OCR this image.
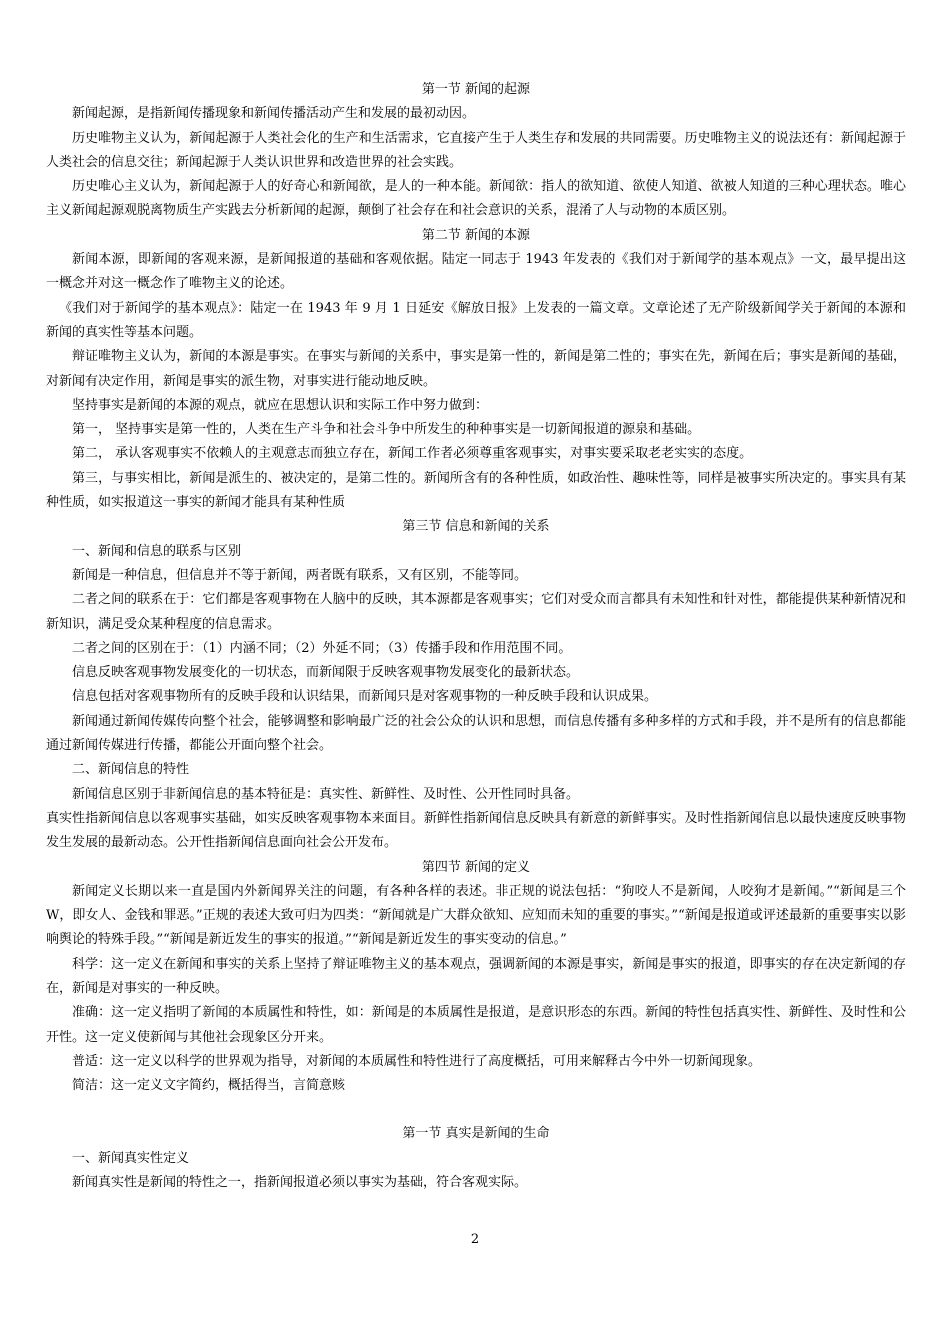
第一节 新闻的起源

新闻起源，是指新闻传播现象和新闻传播活动产生和发展的最初动因。

历史唯物主义认为，新闻起源于人类社会化的生产和生活需求，它直接产生于人类生存和发展的共同需要。历史唯物主义的说法还有：新闻起源于人类社会的信息交往；新闻起源于人类认识世界和改造世界的社会实践。

历史唯心主义认为，新闻起源于人的好奇心和新闻欲，是人的一种本能。新闻欲：指人的欲知道、欲使人知道、欲被人知道的三种心理状态。唯心主义新闻起源观脱离物质生产实践去分析新闻的起源，颠倒了社会存在和社会意识的关系，混淆了人与动物的本质区别。

第二节 新闻的本源

新闻本源，即新闻的客观来源，是新闻报道的基础和客观依据。陆定一同志于 1943 年发表的《我们对于新闻学的基本观点》一文，最早提出这一概念并对这一概念作了唯物主义的论述。

《我们对于新闻学的基本观点》：陆定一在 1943 年 9 月 1 日延安《解放日报》上发表的一篇文章。文章论述了无产阶级新闻学关于新闻的本源和新闻的真实性等基本问题。

辩证唯物主义认为，新闻的本源是事实。在事实与新闻的关系中，事实是第一性的，新闻是第二性的；事实在先，新闻在后；事实是新闻的基础，对新闻有决定作用，新闻是事实的派生物，对事实进行能动地反映。

坚持事实是新闻的本源的观点，就应在思想认识和实际工作中努力做到：

第一， 坚持事实是第一性的，人类在生产斗争和社会斗争中所发生的种种事实是一切新闻报道的源泉和基础。

第二， 承认客观事实不依赖人的主观意志而独立存在，新闻工作者必须尊重客观事实，对事实要采取老老实实的态度。

第三，与事实相比，新闻是派生的、被决定的，是第二性的。新闻所含有的各种性质，如政治性、趣味性等，同样是被事实所决定的。事实具有某种性质，如实报道这一事实的新闻才能具有某种性质

第三节 信息和新闻的关系

一、新闻和信息的联系与区别

新闻是一种信息，但信息并不等于新闻，两者既有联系，又有区别，不能等同。

二者之间的联系在于：它们都是客观事物在人脑中的反映，其本源都是客观事实；它们对受众而言都具有未知性和针对性，都能提供某种新情况和新知识，满足受众某种程度的信息需求。

二者之间的区别在于：（1）内涵不同；（2）外延不同；（3）传播手段和作用范围不同。

信息反映客观事物发展变化的一切状态，而新闻限于反映客观事物发展变化的最新状态。

信息包括对客观事物所有的反映手段和认识结果，而新闻只是对客观事物的一种反映手段和认识成果。

新闻通过新闻传媒传向整个社会，能够调整和影响最广泛的社会公众的认识和思想，而信息传播有多种多样的方式和手段，并不是所有的信息都能通过新闻传媒进行传播，都能公开面向整个社会。

二、新闻信息的特性

新闻信息区别于非新闻信息的基本特征是：真实性、新鲜性、及时性、公开性同时具备。

真实性指新闻信息以客观事实基础，如实反映客观事物本来面目。新鲜性指新闻信息反映具有新意的新鲜事实。及时性指新闻信息以最快速度反映事物发生发展的最新动态。公开性指新闻信息面向社会公开发布。

第四节 新闻的定义

新闻定义长期以来一直是国内外新闻界关注的问题，有各种各样的表述。非正规的说法包括：“狗咬人不是新闻，人咬狗才是新闻。”“新闻是三个 W，即女人、金钱和罪恶。”正规的表述大致可归为四类：“新闻就是广大群众欲知、应知而未知的重要的事实。”“新闻是报道或评述最新的重要事实以影响舆论的特殊手段。”“新闻是新近发生的事实的报道。”“新闻是新近发生的事实变动的信息。”

科学：这一定义在新闻和事实的关系上坚持了辩证唯物主义的基本观点，强调新闻的本源是事实，新闻是事实的报道，即事实的存在决定新闻的存在，新闻是对事实的一种反映。

准确：这一定义指明了新闻的本质属性和特性，如：新闻是的本质属性是报道，是意识形态的东西。新闻的特性包括真实性、新鲜性、及时性和公开性。这一定义使新闻与其他社会现象区分开来。

普适：这一定义以科学的世界观为指导，对新闻的本质属性和特性进行了高度概括，可用来解释古今中外一切新闻现象。

简洁：这一定义文字简约，概括得当，言简意赅

第一节 真实是新闻的生命

一、新闻真实性定义

新闻真实性是新闻的特性之一，指新闻报道必须以事实为基础，符合客观实际。

2
